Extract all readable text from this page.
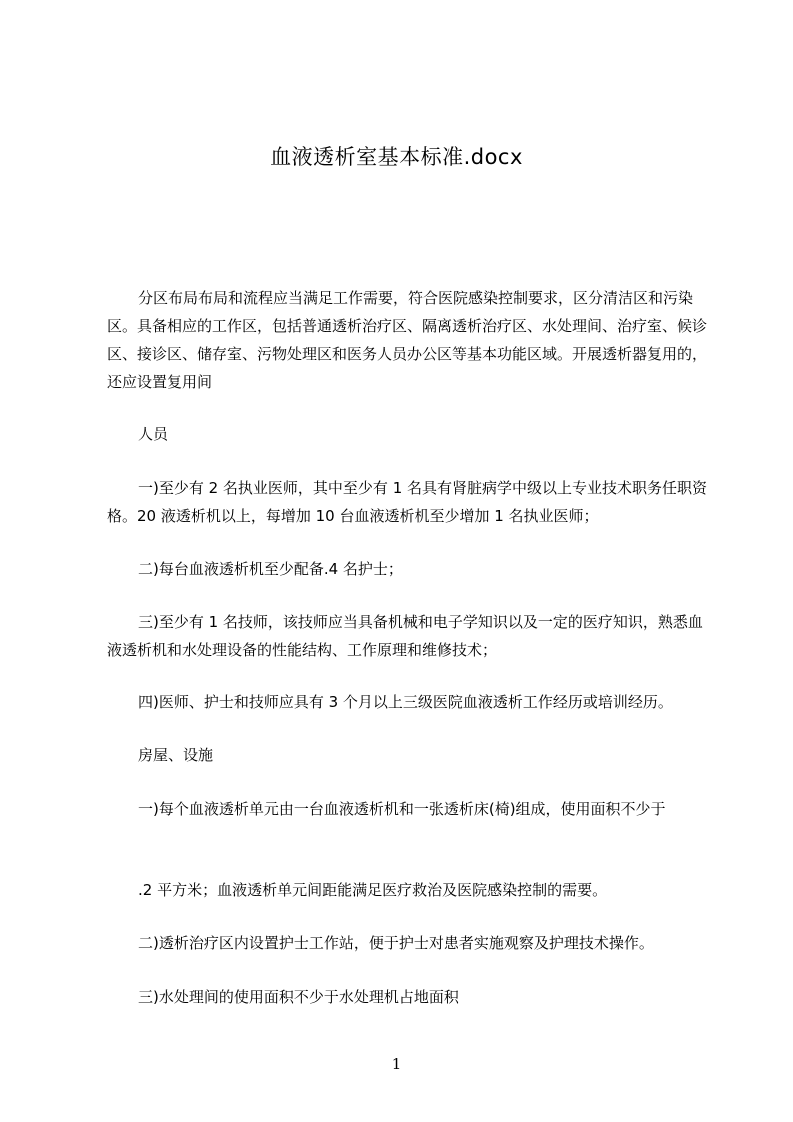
血液透析室基本标准.docx

分区布局布局和流程应当满足工作需要，符合医院感染控制要求，区分清洁区和污染区。具备相应的工作区，包括普通透析治疗区、隔离透析治疗区、水处理间、治疗室、候诊区、接诊区、储存室、污物处理区和医务人员办公区等基本功能区域。开展透析器复用的，还应设置复用间

人员

一)至少有 2 名执业医师，其中至少有 1 名具有肾脏病学中级以上专业技术职务任职资格。20 液透析机以上，每增加 10 台血液透析机至少增加 1 名执业医师；

二)每台血液透析机至少配备.4 名护士；

三)至少有 1 名技师，该技师应当具备机械和电子学知识以及一定的医疗知识，熟悉血液透析机和水处理设备的性能结构、工作原理和维修技术；

四)医师、护士和技师应具有 3 个月以上三级医院血液透析工作经历或培训经历。
房屋、设施

一)每个血液透析单元由一台血液透析机和一张透析床(椅)组成，使用面积不少于

.2 平方米；血液透析单元间距能满足医疗救治及医院感染控制的需要。
二)透析治疗区内设置护士工作站，便于护士对患者实施观察及护理技术操作。
三)水处理间的使用面积不少于水处理机占地面积
1
